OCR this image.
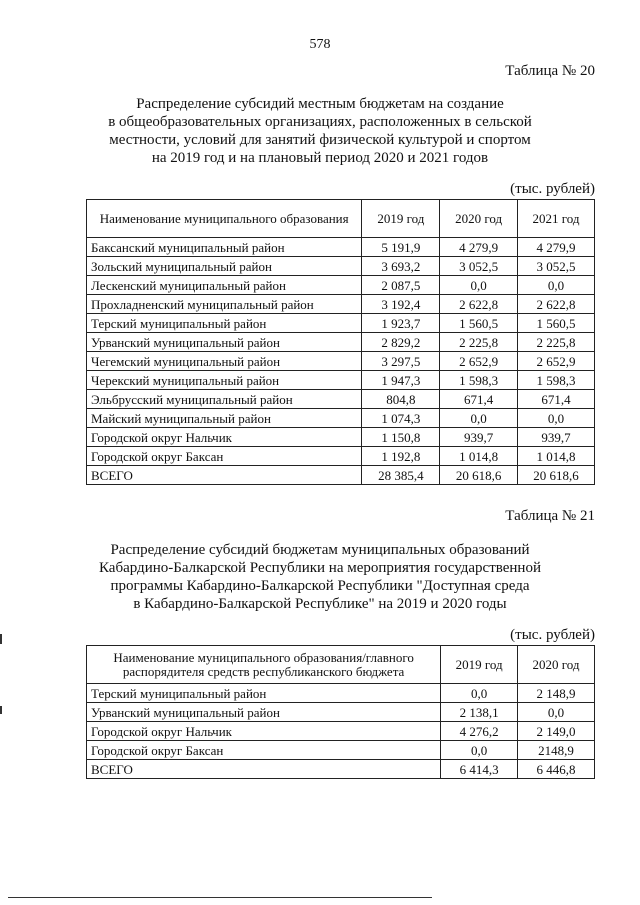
578
Таблица № 20
Распределение субсидий местным бюджетам на создание
в общеобразовательных организациях, расположенных в сельской
местности, условий для занятий физической культурой и спортом
на 2019 год и на плановый период 2020 и 2021 годов
(тыс. рублей)
Наименование муниципального образования	2019 год	2020 год	2021 год
Баксанский муниципальный район	5 191,9	4 279,9	4 279,9
Зольский муниципальный район	3 693,2	3 052,5	3 052,5
Лескенский муниципальный район	2 087,5	0,0	0,0
Прохладненский муниципальный район	3 192,4	2 622,8	2 622,8
Терский муниципальный район	1 923,7	1 560,5	1 560,5
Урванский муниципальный район	2 829,2	2 225,8	2 225,8
Чегемский муниципальный район	3 297,5	2 652,9	2 652,9
Черекский муниципальный район	1 947,3	1 598,3	1 598,3
Эльбрусский муниципальный район	804,8	671,4	671,4
Майский муниципальный район	1 074,3	0,0	0,0
Городской округ Нальчик	1 150,8	939,7	939,7
Городской округ Баксан	1 192,8	1 014,8	1 014,8
ВСЕГО	28 385,4	20 618,6	20 618,6
Таблица № 21
Распределение субсидий бюджетам муниципальных образований
Кабардино-Балкарской Республики на мероприятия государственной
программы Кабардино-Балкарской Республики "Доступная среда
в Кабардино-Балкарской Республике" на 2019 и 2020 годы
(тыс. рублей)
Наименование муниципального образования/главного распорядителя средств республиканского бюджета	2019 год	2020 год
Терский муниципальный район	0,0	2 148,9
Урванский муниципальный район	2 138,1	0,0
Городской округ Нальчик	4 276,2	2 149,0
Городской округ Баксан	0,0	2148,9
ВСЕГО	6 414,3	6 446,8
